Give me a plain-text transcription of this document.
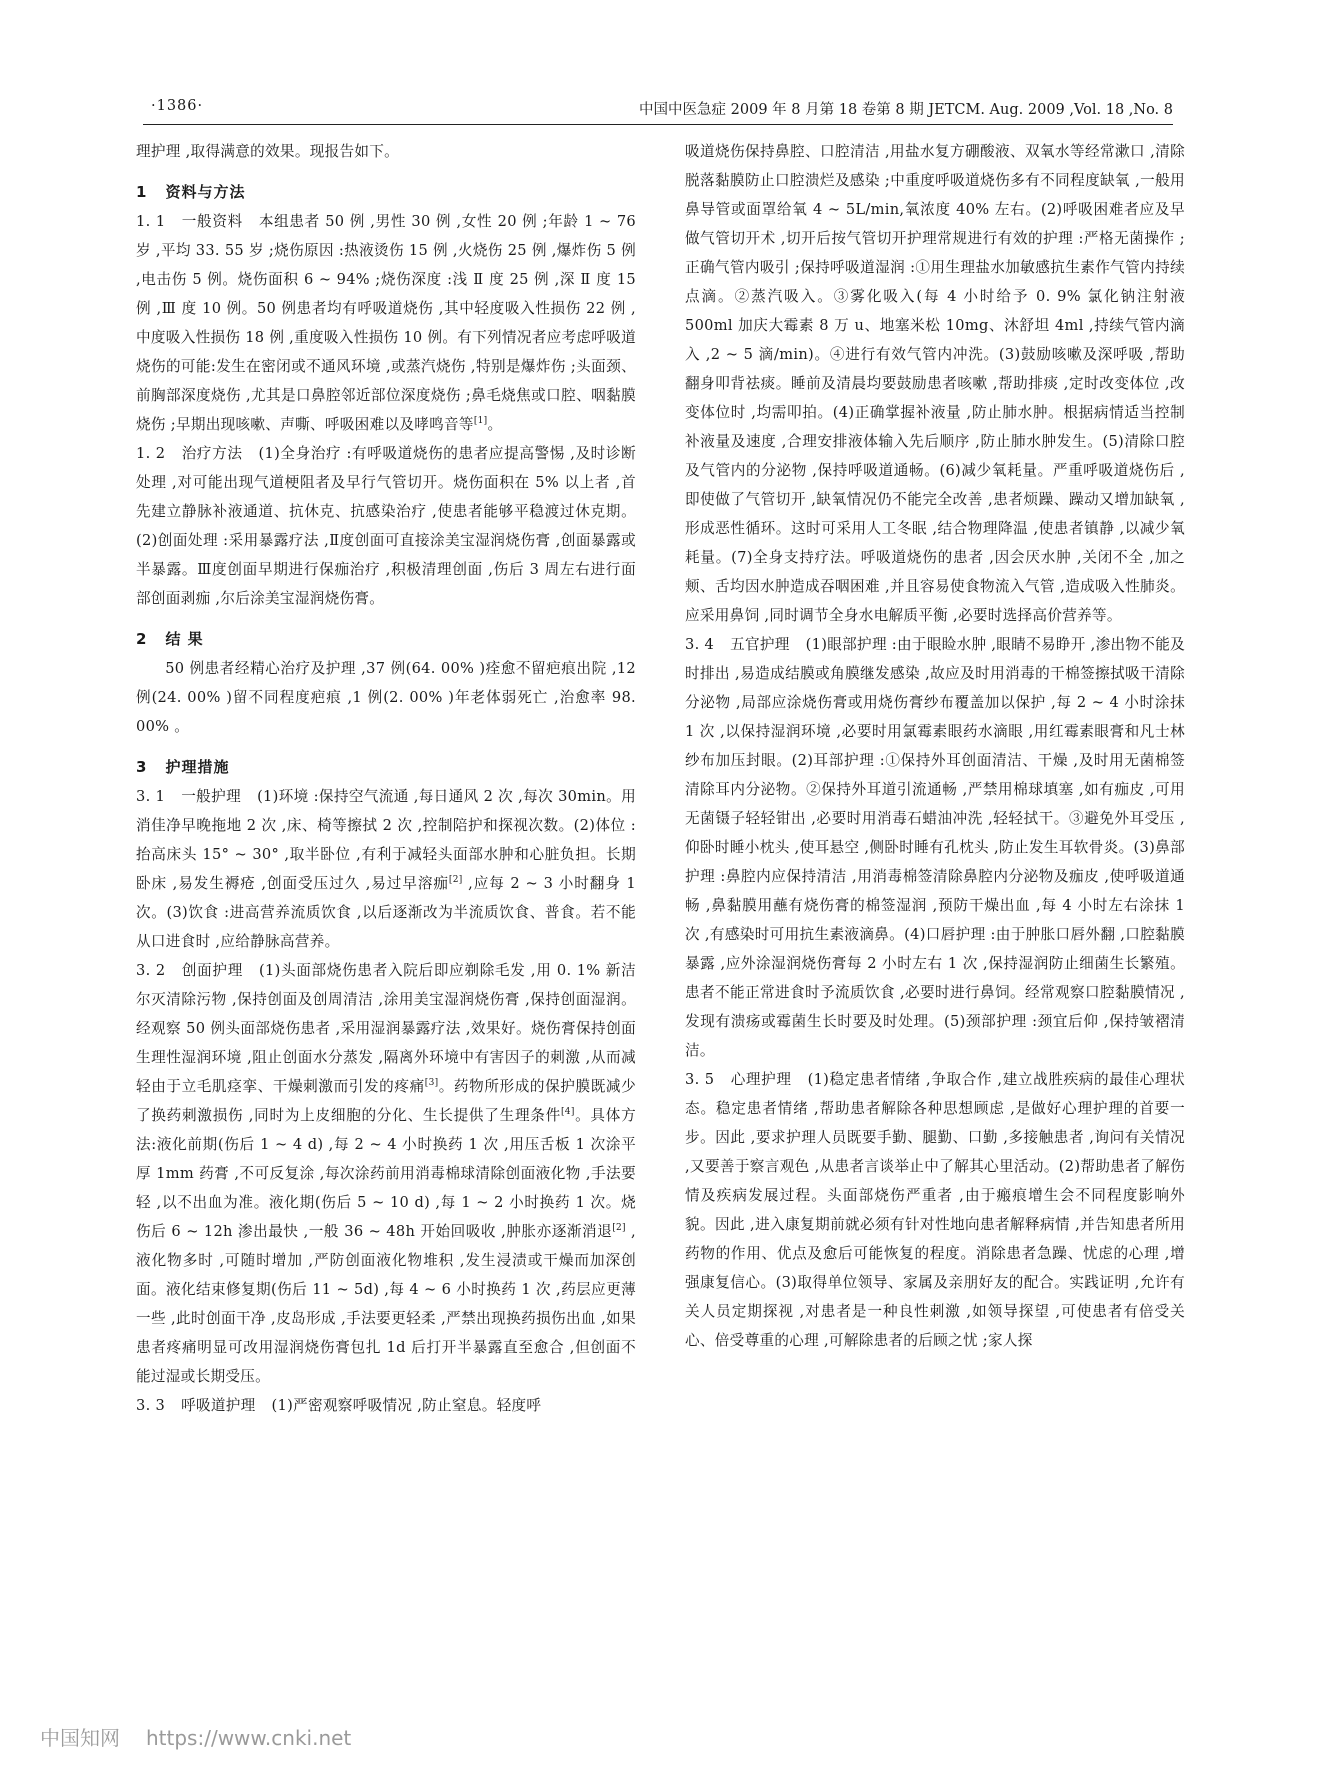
·1386·	中国中医急症 2009 年 8 月第 18 卷第 8 期 JETCM. Aug. 2009 ,Vol. 18 ,No. 8

理护理 ,取得满意的效果。现报告如下。

1 资料与方法

1. 1 一般资料 本组患者 50 例 ,男性 30 例 ,女性 20 例 ;年龄 1 ~ 76 岁 ,平均 33. 55 岁 ;烧伤原因 :热液烫伤 15 例 ,火烧伤 25 例 ,爆炸伤 5 例 ,电击伤 5 例。烧伤面积 6 ~ 94% ;烧伤深度 :浅 Ⅱ 度 25 例 ,深 Ⅱ 度 15 例 ,Ⅲ 度 10 例。50 例患者均有呼吸道烧伤 ,其中轻度吸入性损伤 22 例 ,中度吸入性损伤 18 例 ,重度吸入性损伤 10 例。有下列情况者应考虑呼吸道烧伤的可能:发生在密闭或不通风环境 ,或蒸汽烧伤 ,特别是爆炸伤 ;头面颈、前胸部深度烧伤 ,尤其是口鼻腔邻近部位深度烧伤 ;鼻毛烧焦或口腔、咽黏膜烧伤 ;早期出现咳嗽、声嘶、呼吸困难以及哮鸣音等[1]。

1. 2 治疗方法 (1)全身治疗 :有呼吸道烧伤的患者应提高警惕 ,及时诊断处理 ,对可能出现气道梗阻者及早行气管切开。烧伤面积在 5% 以上者 ,首先建立静脉补液通道、抗休克、抗感染治疗 ,使患者能够平稳渡过休克期。(2)创面处理 :采用暴露疗法 ,Ⅱ度创面可直接涂美宝湿润烧伤膏 ,创面暴露或半暴露。Ⅲ度创面早期进行保痂治疗 ,积极清理创面 ,伤后 3 周左右进行面部创面剥痂 ,尔后涂美宝湿润烧伤膏。

2 结 果

50 例患者经精心治疗及护理 ,37 例(64. 00% )痊愈不留疤痕出院 ,12 例(24. 00% )留不同程度疤痕 ,1 例(2. 00% )年老体弱死亡 ,治愈率 98. 00% 。

3 护理措施

3. 1 一般护理 (1)环境 :保持空气流通 ,每日通风 2 次 ,每次 30min。用消佳净早晚拖地 2 次 ,床、椅等擦拭 2 次 ,控制陪护和探视次数。(2)体位 :抬高床头 15° ~ 30° ,取半卧位 ,有利于减轻头面部水肿和心脏负担。长期卧床 ,易发生褥疮 ,创面受压过久 ,易过早溶痂[2] ,应每 2 ~ 3 小时翻身 1 次。(3)饮食 :进高营养流质饮食 ,以后逐渐改为半流质饮食、普食。若不能从口进食时 ,应给静脉高营养。

3. 2 创面护理 (1)头面部烧伤患者入院后即应剃除毛发 ,用 0. 1% 新洁尔灭清除污物 ,保持创面及创周清洁 ,涂用美宝湿润烧伤膏 ,保持创面湿润。经观察 50 例头面部烧伤患者 ,采用湿润暴露疗法 ,效果好。烧伤膏保持创面生理性湿润环境 ,阻止创面水分蒸发 ,隔离外环境中有害因子的刺激 ,从而减轻由于立毛肌痉挛、干燥刺激而引发的疼痛[3]。药物所形成的保护膜既减少了换药刺激损伤 ,同时为上皮细胞的分化、生长提供了生理条件[4]。具体方法:液化前期(伤后 1 ~ 4 d) ,每 2 ~ 4 小时换药 1 次 ,用压舌板 1 次涂平厚 1mm 药膏 ,不可反复涂 ,每次涂药前用消毒棉球清除创面液化物 ,手法要轻 ,以不出血为准。液化期(伤后 5 ~ 10 d) ,每 1 ~ 2 小时换药 1 次。烧伤后 6 ~ 12h 渗出最快 ,一般 36 ~ 48h 开始回吸收 ,肿胀亦逐渐消退[2] ,液化物多时 ,可随时增加 ,严防创面液化物堆积 ,发生浸渍或干燥而加深创面。液化结束修复期(伤后 11 ~ 5d) ,每 4 ~ 6 小时换药 1 次 ,药层应更薄一些 ,此时创面干净 ,皮岛形成 ,手法要更轻柔 ,严禁出现换药损伤出血 ,如果患者疼痛明显可改用湿润烧伤膏包扎 1d 后打开半暴露直至愈合 ,但创面不能过湿或长期受压。

3. 3 呼吸道护理 (1)严密观察呼吸情况 ,防止窒息。轻度呼

吸道烧伤保持鼻腔、口腔清洁 ,用盐水复方硼酸液、双氧水等经常漱口 ,清除脱落黏膜防止口腔溃烂及感染 ;中重度呼吸道烧伤多有不同程度缺氧 ,一般用鼻导管或面罩给氧 4 ~ 5L/min,氧浓度 40% 左右。(2)呼吸困难者应及早做气管切开术 ,切开后按气管切开护理常规进行有效的护理 :严格无菌操作 ;正确气管内吸引 ;保持呼吸道湿润 :①用生理盐水加敏感抗生素作气管内持续点滴。②蒸汽吸入。③雾化吸入(每 4 小时给予 0. 9% 氯化钠注射液 500ml 加庆大霉素 8 万 u、地塞米松 10mg、沐舒坦 4ml ,持续气管内滴入 ,2 ~ 5 滴/min)。④进行有效气管内冲洗。(3)鼓励咳嗽及深呼吸 ,帮助翻身叩背祛痰。睡前及清晨均要鼓励患者咳嗽 ,帮助排痰 ,定时改变体位 ,改变体位时 ,均需叩拍。(4)正确掌握补液量 ,防止肺水肿。根据病情适当控制补液量及速度 ,合理安排液体输入先后顺序 ,防止肺水肿发生。(5)清除口腔及气管内的分泌物 ,保持呼吸道通畅。(6)减少氧耗量。严重呼吸道烧伤后 ,即使做了气管切开 ,缺氧情况仍不能完全改善 ,患者烦躁、躁动又增加缺氧 ,形成恶性循环。这时可采用人工冬眠 ,结合物理降温 ,使患者镇静 ,以减少氧耗量。(7)全身支持疗法。呼吸道烧伤的患者 ,因会厌水肿 ,关闭不全 ,加之颊、舌均因水肿造成吞咽困难 ,并且容易使食物流入气管 ,造成吸入性肺炎。应采用鼻饲 ,同时调节全身水电解质平衡 ,必要时选择高价营养等。

3. 4 五官护理 (1)眼部护理 :由于眼睑水肿 ,眼睛不易睁开 ,渗出物不能及时排出 ,易造成结膜或角膜继发感染 ,故应及时用消毒的干棉签擦拭吸干清除分泌物 ,局部应涂烧伤膏或用烧伤膏纱布覆盖加以保护 ,每 2 ~ 4 小时涂抹 1 次 ,以保持湿润环境 ,必要时用氯霉素眼药水滴眼 ,用红霉素眼膏和凡士林纱布加压封眼。(2)耳部护理 :①保持外耳创面清洁、干燥 ,及时用无菌棉签清除耳内分泌物。②保持外耳道引流通畅 ,严禁用棉球填塞 ,如有痂皮 ,可用无菌镊子轻轻钳出 ,必要时用消毒石蜡油冲洗 ,轻轻拭干。③避免外耳受压 ,仰卧时睡小枕头 ,使耳悬空 ,侧卧时睡有孔枕头 ,防止发生耳软骨炎。(3)鼻部护理 :鼻腔内应保持清洁 ,用消毒棉签清除鼻腔内分泌物及痂皮 ,使呼吸道通畅 ,鼻黏膜用蘸有烧伤膏的棉签湿润 ,预防干燥出血 ,每 4 小时左右涂抹 1 次 ,有感染时可用抗生素液滴鼻。(4)口唇护理 :由于肿胀口唇外翻 ,口腔黏膜暴露 ,应外涂湿润烧伤膏每 2 小时左右 1 次 ,保持湿润防止细菌生长繁殖。患者不能正常进食时予流质饮食 ,必要时进行鼻饲。经常观察口腔黏膜情况 ,发现有溃疡或霉菌生长时要及时处理。(5)颈部护理 :颈宜后仰 ,保持皱褶清洁。

3. 5 心理护理 (1)稳定患者情绪 ,争取合作 ,建立战胜疾病的最佳心理状态。稳定患者情绪 ,帮助患者解除各种思想顾虑 ,是做好心理护理的首要一步。因此 ,要求护理人员既要手勤、腿勤、口勤 ,多接触患者 ,询问有关情况 ,又要善于察言观色 ,从患者言谈举止中了解其心里活动。(2)帮助患者了解伤情及疾病发展过程。头面部烧伤严重者 ,由于瘢痕增生会不同程度影响外貌。因此 ,进入康复期前就必须有针对性地向患者解释病情 ,并告知患者所用药物的作用、优点及愈后可能恢复的程度。消除患者急躁、忧虑的心理 ,增强康复信心。(3)取得单位领导、家属及亲朋好友的配合。实践证明 ,允许有关人员定期探视 ,对患者是一种良性刺激 ,如领导探望 ,可使患者有倍受关心、倍受尊重的心理 ,可解除患者的后顾之忧 ;家人探

中国知网 https://www.cnki.net
